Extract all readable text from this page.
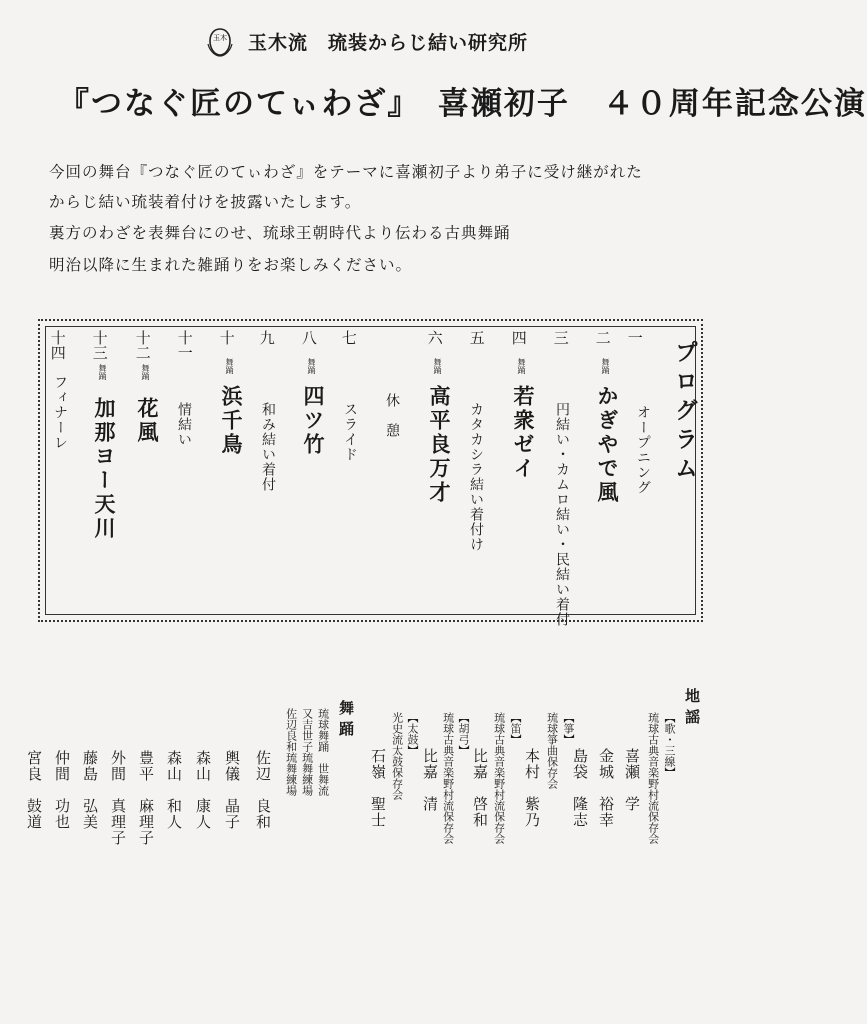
玉木 玉木流　琉装からじ結い研究所
『つなぐ匠のてぃわざ』　喜瀬初子　４０周年記念公演
今回の舞台『つなぐ匠のてぃわざ』をテーマに喜瀬初子より弟子に受け継がれた
からじ結い琉装着付けを披露いたします。
裏方のわざを表舞台にのせ、琉球王朝時代より伝わる古典舞踊
明治以降に生まれた雑踊りをお楽しみください。
プログラム
一
オープニング
二
舞踊
かぎやで風
三
円結い・カムロ結い・民結い着付
四
舞踊
若衆ゼイ
五
カタカシラ結い着付け
六
舞踊
高平良万才
休　憩
七
スライド
八
舞踊
四ツ竹
九
和み結い着付
十
舞踊
浜千鳥
十一
情結い
十二
舞踊
花風
十三
舞踊
加那ヨー天川
十四
フィナーレ
地謡
【歌・三線】
琉球古典音楽野村流保存会
喜瀬　学
金城　裕幸
島袋　隆志
【箏】
琉球箏曲保存会
本村　紫乃
【笛】
琉球古典音楽野村流保存会
比嘉　啓和
【胡弓】
琉球古典音楽野村流保存会
比嘉　清
【太鼓】
光史流太鼓保存会
石嶺　聖士
舞踊
琉球舞踊　世舞流
又吉世子琉舞練場
佐辺良和琉舞練場
佐辺　良和
輿儀　晶子
森山　康人
森山　和人
豊平　麻理子
外間　真理子
藤島　弘美
仲間　功也
宮良　鼓道
